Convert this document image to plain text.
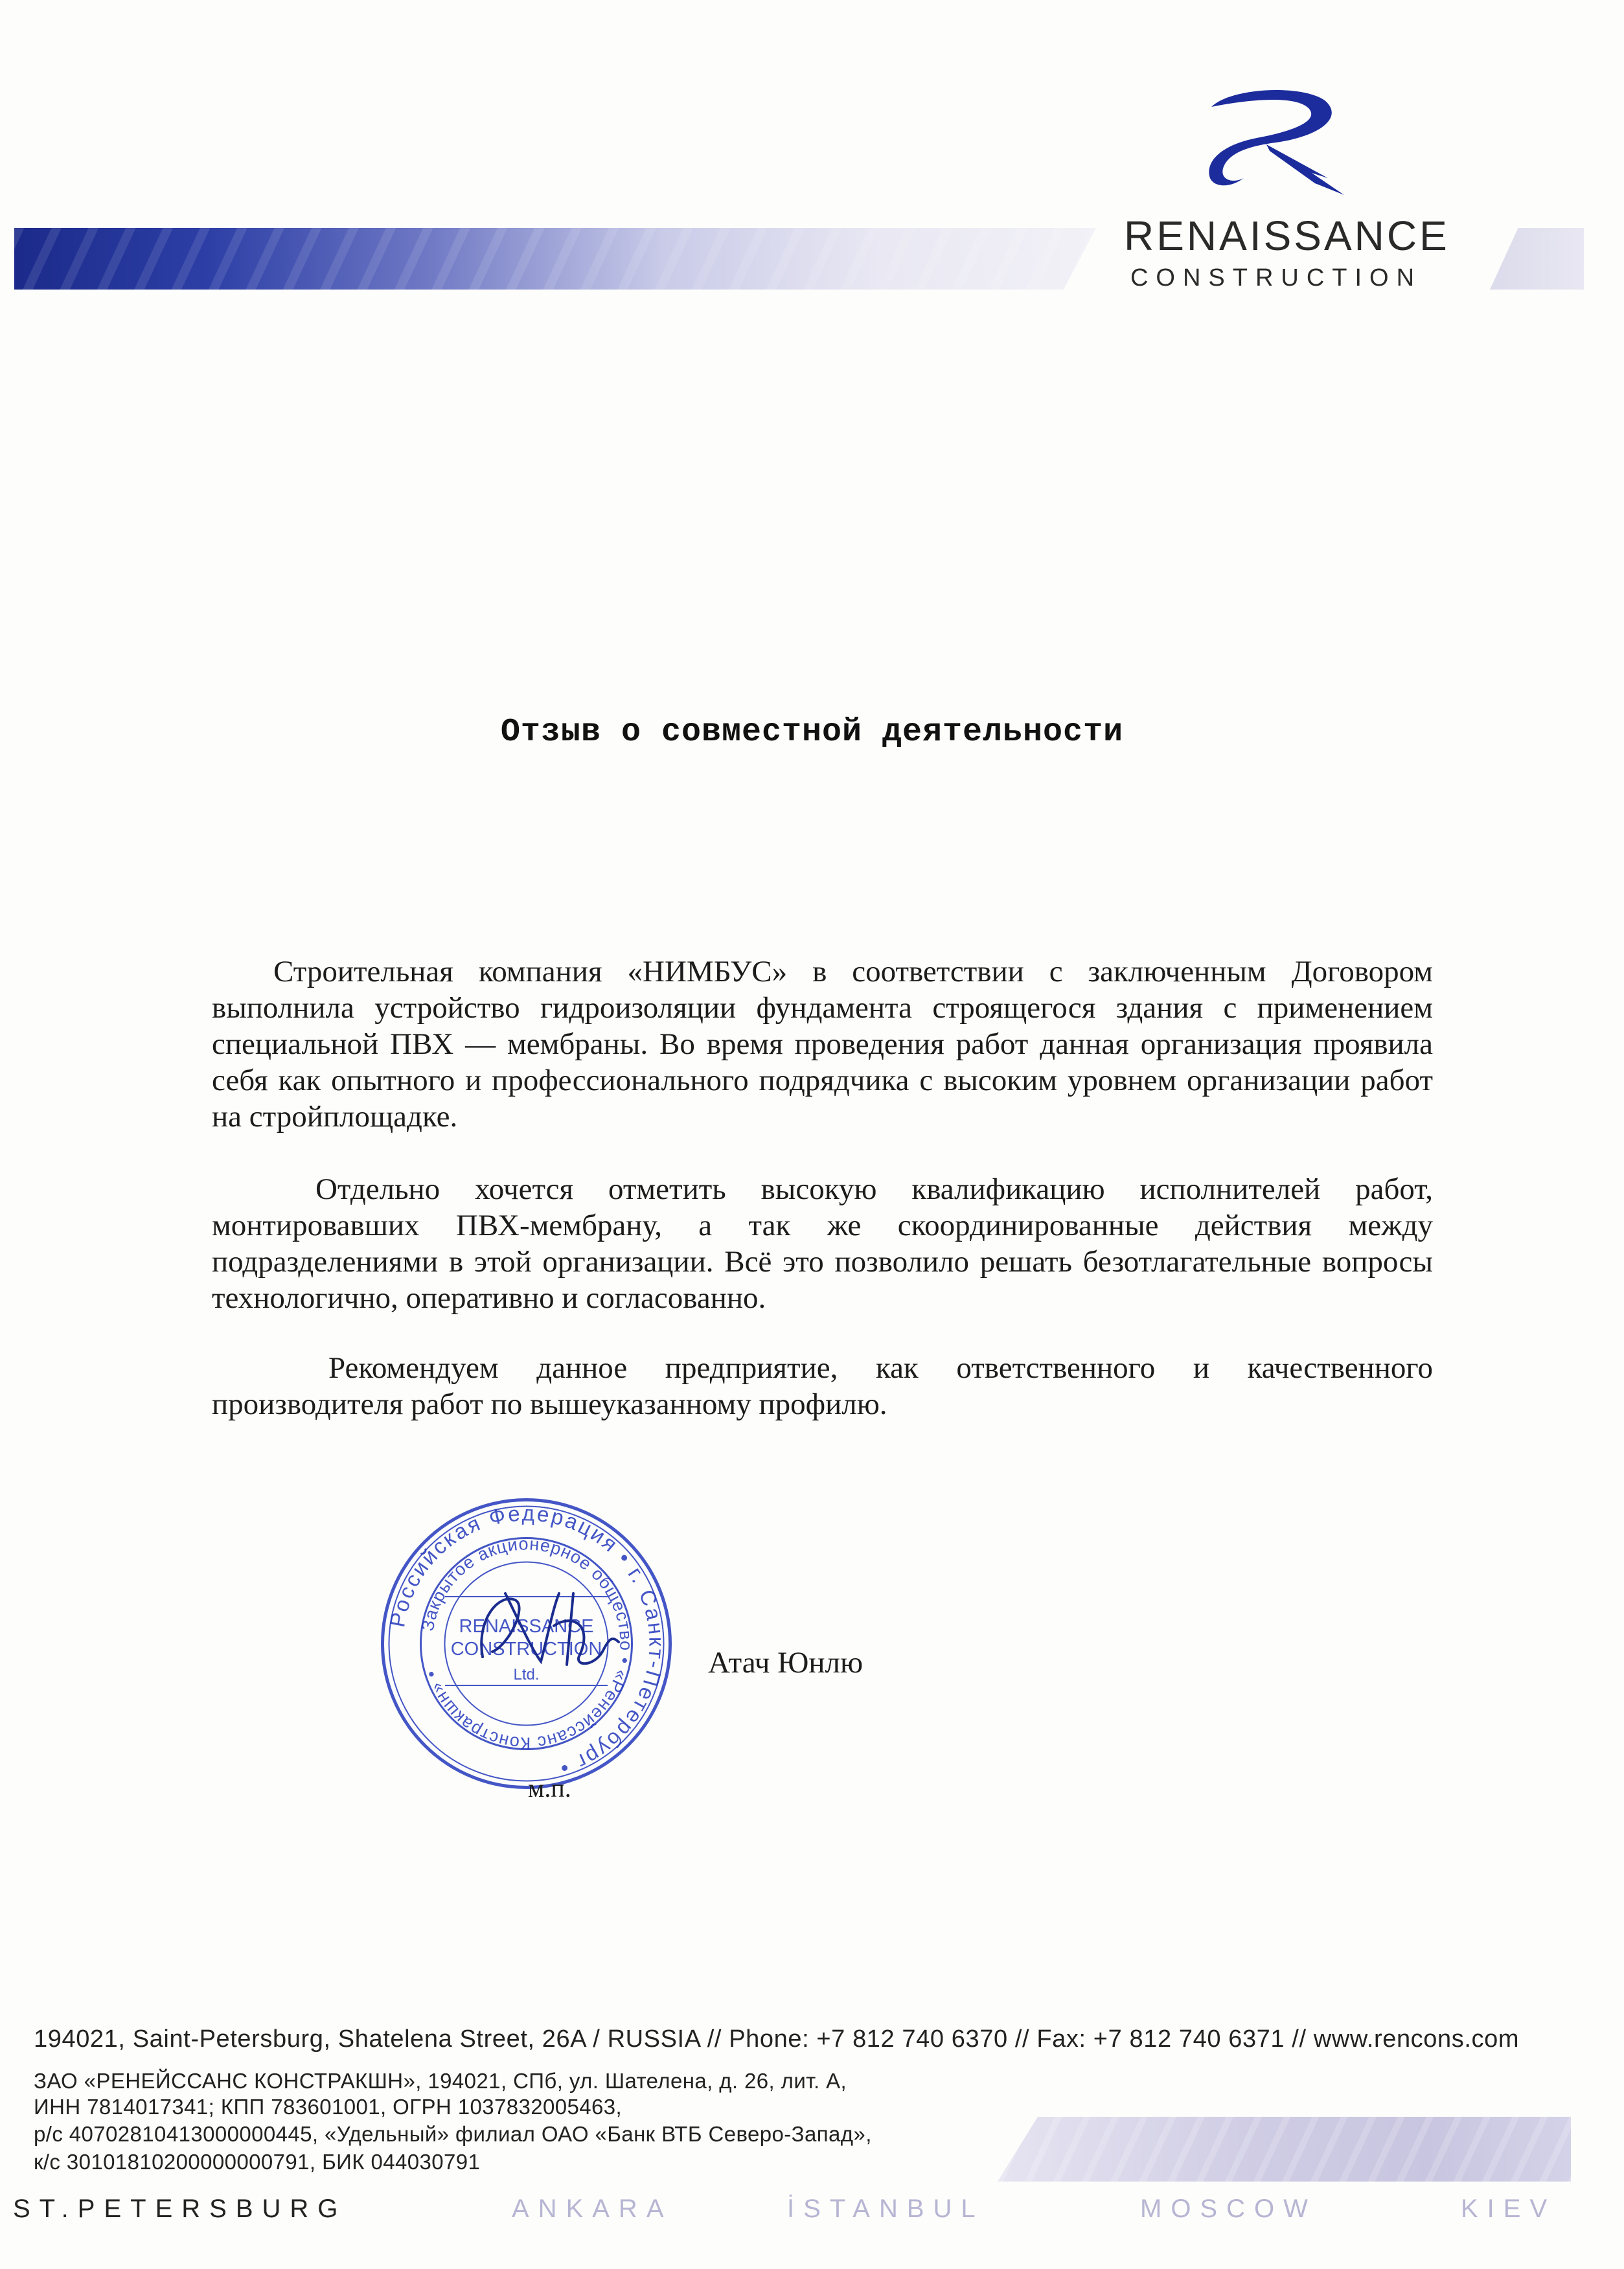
RENAISSANCE
CONSTRUCTION
Отзыв о совместной деятельности
Строительная компания «НИМБУС» в соответствии с заключенным Договором выполнила устройство гидроизоляции фундамента строящегося здания с применением специальной ПВХ — мембраны. Во время проведения работ данная организация проявила себя как опытного и профессионального подрядчика с высоким уровнем организации работ на стройплощадке.
Отдельно хочется отметить высокую квалификацию исполнителей работ, монтировавших ПВХ-мембрану, а так же скоординированные действия между подразделениями в этой организации. Всё это позволило решать безотлагательные вопросы технологично, оперативно и согласованно.
Рекомендуем данное предприятие, как ответственного и качественного производителя работ по вышеуказанному профилю.
Российская Федерация • г. Санкт-Петербург •
Закрытое акционерное общество • «Ренейссанс Констракшн» •
RENAISSANCE
CONSTRUCTION
Ltd.
м.п.
Атач Юнлю
194021, Saint-Petersburg, Shatelena Street, 26A / RUSSIA // Phone: +7 812 740 6370 // Fax: +7 812 740 6371 // www.rencons.com
ЗАО «РЕНЕЙССАНС КОНСТРАКШН», 194021, СПб, ул. Шателена, д. 26, лит. А,
ИНН 7814017341; КПП 783601001, ОГРН 1037832005463,
р/с 40702810413000000445, «Удельный» филиал ОАО «Банк ВТБ Северо-Запад»,
к/с 30101810200000000791, БИК 044030791
ST.PETERSBURG	ANKARA	İSTANBUL	MOSCOW	KIEV
